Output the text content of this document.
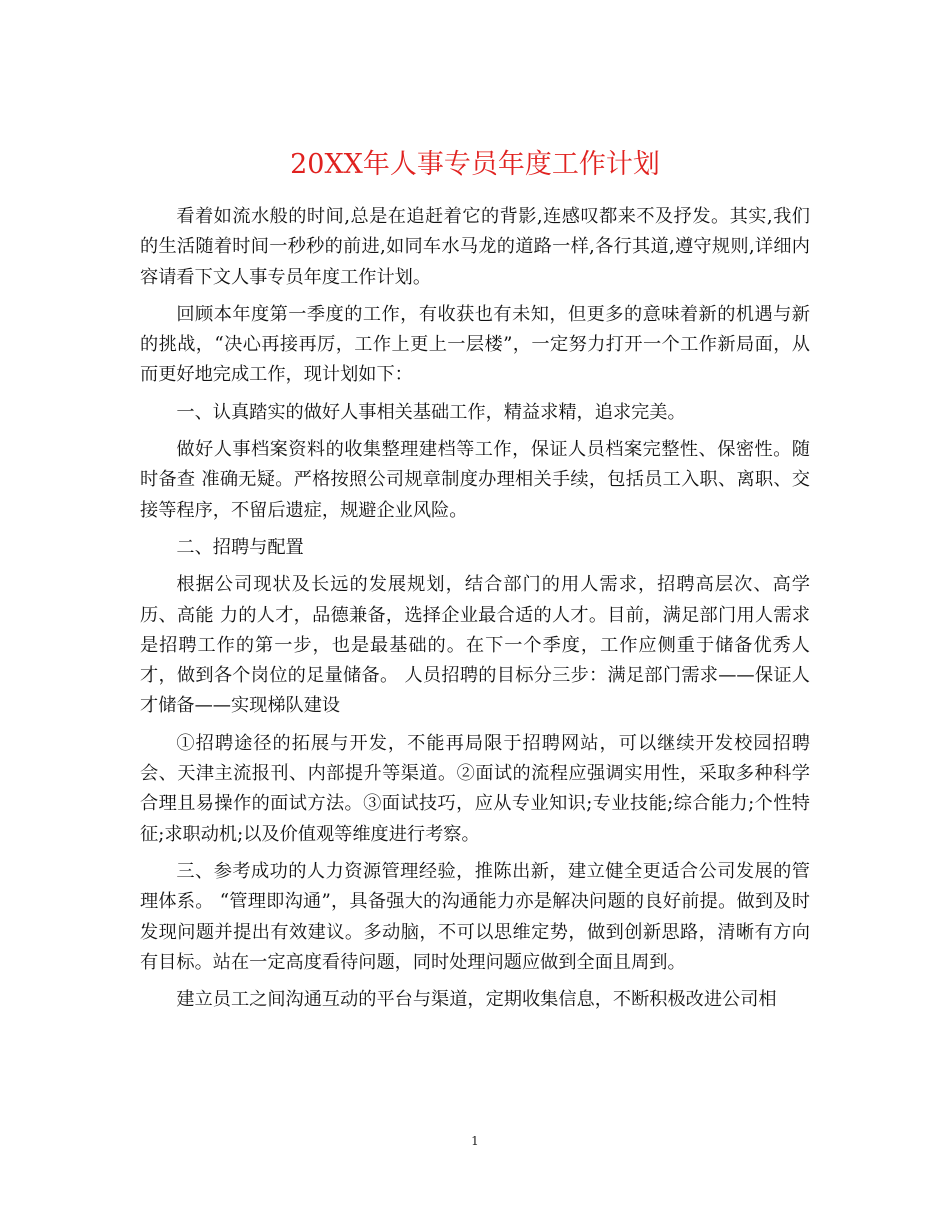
20XX年人事专员年度工作计划

看着如流水般的时间,总是在追赶着它的背影,连感叹都来不及抒发。其实,我们的生活随着时间一秒秒的前进,如同车水马龙的道路一样,各行其道,遵守规则,详细内容请看下文人事专员年度工作计划。

回顾本年度第一季度的工作，有收获也有未知，但更多的意味着新的机遇与新的挑战，“决心再接再厉，工作上更上一层楼”，一定努力打开一个工作新局面，从而更好地完成工作，现计划如下：

一、认真踏实的做好人事相关基础工作，精益求精，追求完美。

做好人事档案资料的收集整理建档等工作，保证人员档案完整性、保密性。随时备查 准确无疑。严格按照公司规章制度办理相关手续，包括员工入职、离职、交接等程序，不留后遗症，规避企业风险。

二、招聘与配置

根据公司现状及长远的发展规划，结合部门的用人需求，招聘高层次、高学历、高能 力的人才，品德兼备，选择企业最合适的人才。目前，满足部门用人需求是招聘工作的第一步，也是最基础的。在下一个季度，工作应侧重于储备优秀人才，做到各个岗位的足量储备。 人员招聘的目标分三步：满足部门需求——保证人才储备——实现梯队建设

①招聘途径的拓展与开发，不能再局限于招聘网站，可以继续开发校园招聘会、天津主流报刊、内部提升等渠道。②面试的流程应强调实用性，采取多种科学合理且易操作的面试方法。③面试技巧，应从专业知识;专业技能;综合能力;个性特征;求职动机;以及价值观等维度进行考察。

三、参考成功的人力资源管理经验，推陈出新，建立健全更适合公司发展的管理体系。 “管理即沟通”，具备强大的沟通能力亦是解决问题的良好前提。做到及时发现问题并提出有效建议。多动脑，不可以思维定势，做到创新思路，清晰有方向有目标。站在一定高度看待问题，同时处理问题应做到全面且周到。

建立员工之间沟通互动的平台与渠道，定期收集信息，不断积极改进公司相

1
